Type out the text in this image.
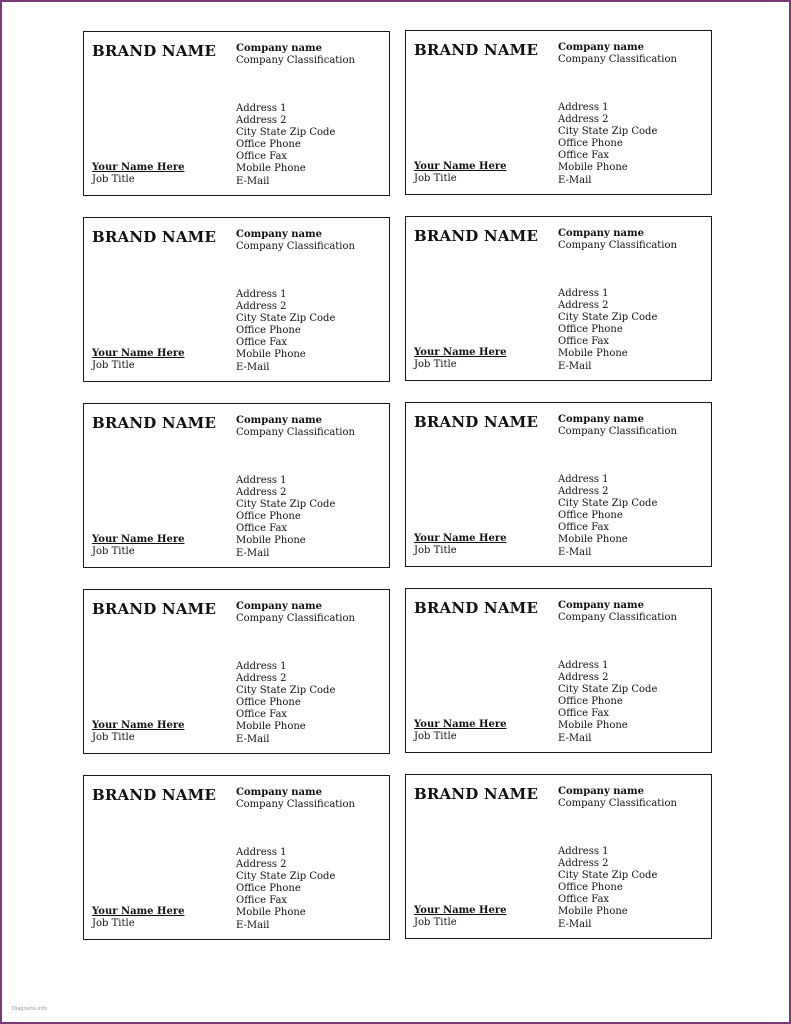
BRAND NAME Company name
Company Classification
Address 1
Address 2
City State Zip Code
Office Phone
Office Fax
Mobile Phone
E-Mail
Your Name Here
Job Title
BRAND NAME Company name
Company Classification
Address 1
Address 2
City State Zip Code
Office Phone
Office Fax
Mobile Phone
E-Mail
Your Name Here
Job Title
BRAND NAME Company name
Company Classification
Address 1
Address 2
City State Zip Code
Office Phone
Office Fax
Mobile Phone
E-Mail
Your Name Here
Job Title
BRAND NAME Company name
Company Classification
Address 1
Address 2
City State Zip Code
Office Phone
Office Fax
Mobile Phone
E-Mail
Your Name Here
Job Title
BRAND NAME Company name
Company Classification
Address 1
Address 2
City State Zip Code
Office Phone
Office Fax
Mobile Phone
E-Mail
Your Name Here
Job Title
BRAND NAME Company name
Company Classification
Address 1
Address 2
City State Zip Code
Office Phone
Office Fax
Mobile Phone
E-Mail
Your Name Here
Job Title
BRAND NAME Company name
Company Classification
Address 1
Address 2
City State Zip Code
Office Phone
Office Fax
Mobile Phone
E-Mail
Your Name Here
Job Title
BRAND NAME Company name
Company Classification
Address 1
Address 2
City State Zip Code
Office Phone
Office Fax
Mobile Phone
E-Mail
Your Name Here
Job Title
BRAND NAME Company name
Company Classification
Address 1
Address 2
City State Zip Code
Office Phone
Office Fax
Mobile Phone
E-Mail
Your Name Here
Job Title
BRAND NAME Company name
Company Classification
Address 1
Address 2
City State Zip Code
Office Phone
Office Fax
Mobile Phone
E-Mail
Your Name Here
Job Title
Diagrams.info
